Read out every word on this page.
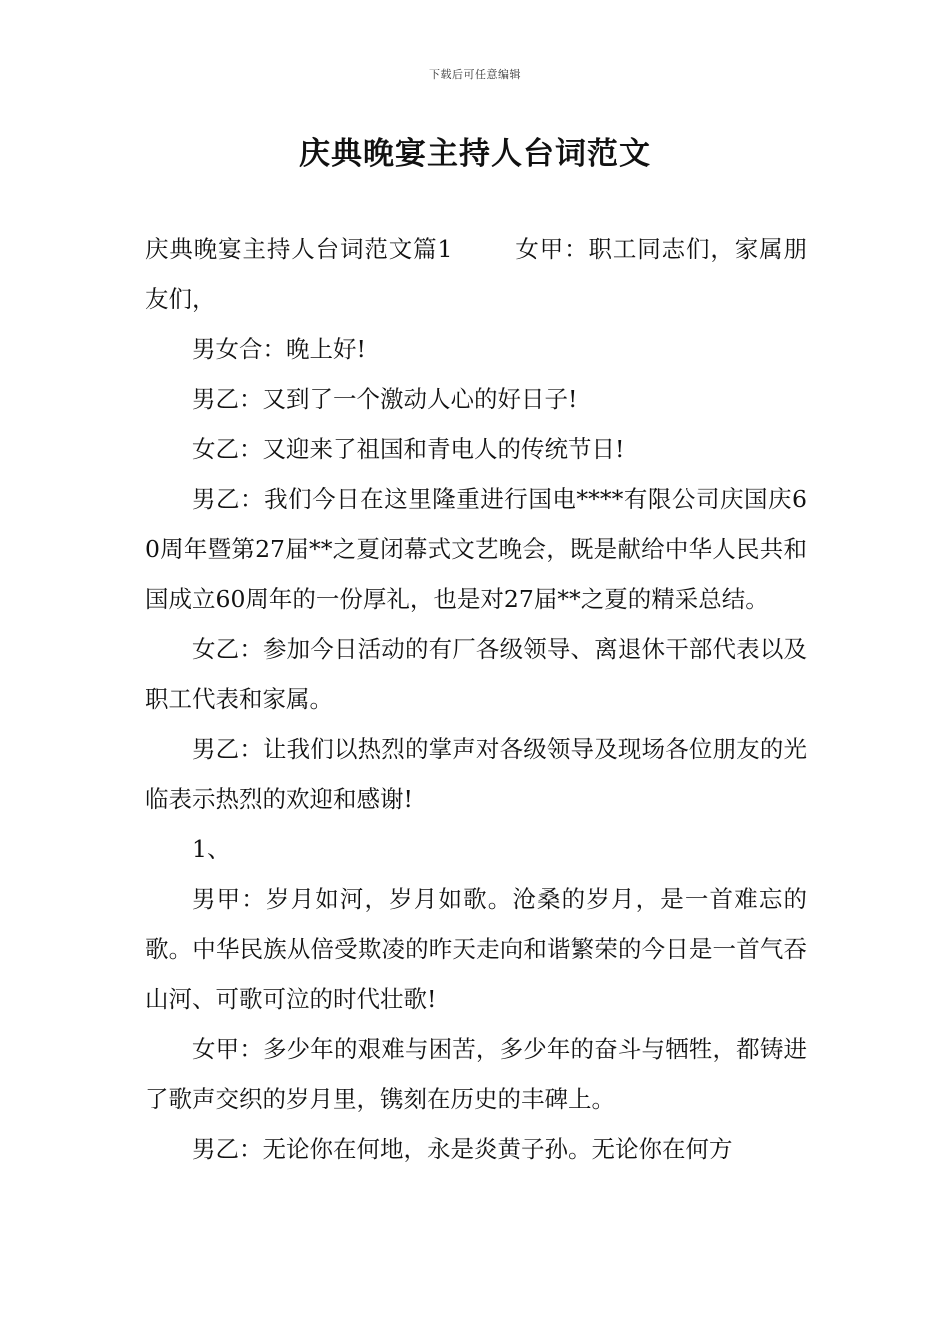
下载后可任意编辑
庆典晚宴主持人台词范文

庆典晚宴主持人台词范文篇1	女甲：职工同志们，家属朋友们，

男女合：晚上好!

男乙：又到了一个激动人心的好日子!

女乙：又迎来了祖国和青电人的传统节日!

男乙：我们今日在这里隆重进行国电****有限公司庆国庆60周年暨第27届**之夏闭幕式文艺晚会，既是献给中华人民共和国成立60周年的一份厚礼，也是对27届**之夏的精采总结。

女乙：参加今日活动的有厂各级领导、离退休干部代表以及职工代表和家属。

男乙：让我们以热烈的掌声对各级领导及现场各位朋友的光临表示热烈的欢迎和感谢!

1、

男甲：岁月如河，岁月如歌。沧桑的岁月，是一首难忘的歌。中华民族从倍受欺凌的昨天走向和谐繁荣的今日是一首气吞山河、可歌可泣的时代壮歌!

女甲：多少年的艰难与困苦，多少年的奋斗与牺牲，都铸进了歌声交织的岁月里，镌刻在历史的丰碑上。

男乙：无论你在何地，永是炎黄子孙。无论你在何方
